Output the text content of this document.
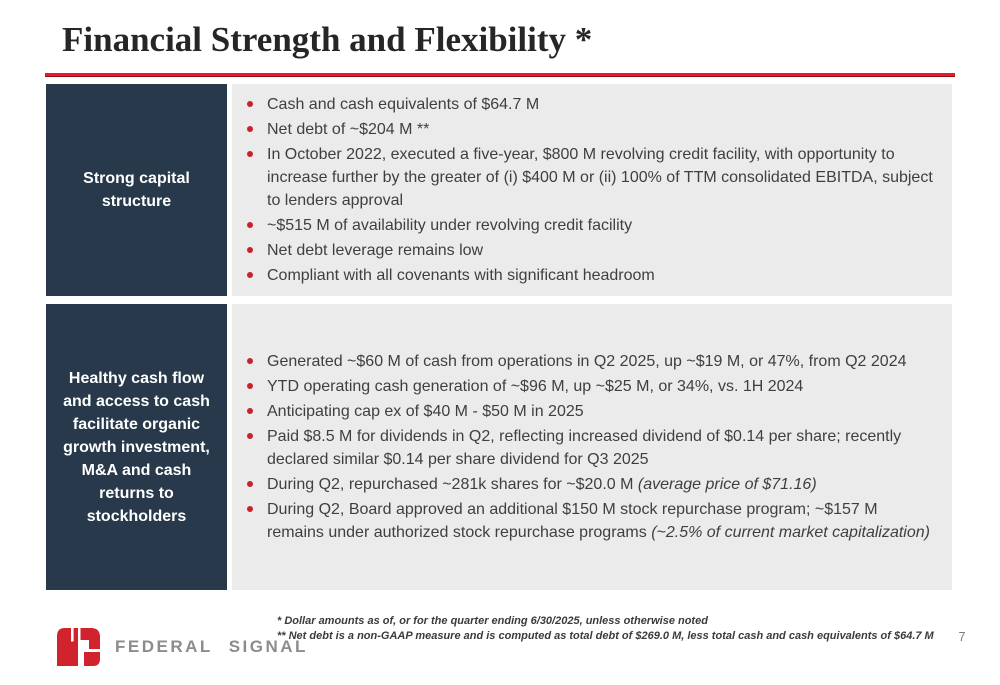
Financial Strength and Flexibility *
Strong capital structure
Cash and cash equivalents of $64.7 M
Net debt of ~$204 M **
In October 2022, executed a five-year, $800 M revolving credit facility, with opportunity to increase further by the greater of (i) $400 M or (ii) 100% of TTM consolidated EBITDA, subject to lenders approval
~$515 M of availability under revolving credit facility
Net debt leverage remains low
Compliant with all covenants with significant headroom
Healthy cash flow and access to cash facilitate organic growth investment, M&A and cash returns to stockholders
Generated ~$60 M of cash from operations in Q2 2025, up ~$19 M, or 47%, from Q2 2024
YTD operating cash generation of ~$96 M, up ~$25 M, or 34%, vs. 1H 2024
Anticipating cap ex of $40 M - $50 M in 2025
Paid $8.5 M for dividends in Q2, reflecting increased dividend of $0.14 per share; recently declared similar $0.14 per share dividend for Q3 2025
During Q2, repurchased ~281k shares for ~$20.0 M (average price of $71.16)
During Q2, Board approved an additional $150 M stock repurchase program; ~$157 M remains under authorized stock repurchase programs (~2.5% of current market capitalization)
FEDERAL SIGNAL
* Dollar amounts as of, or for the quarter ending 6/30/2025, unless otherwise noted
** Net debt is a non-GAAP measure and is computed as total debt of $269.0 M, less total cash and cash equivalents of $64.7 M	7
